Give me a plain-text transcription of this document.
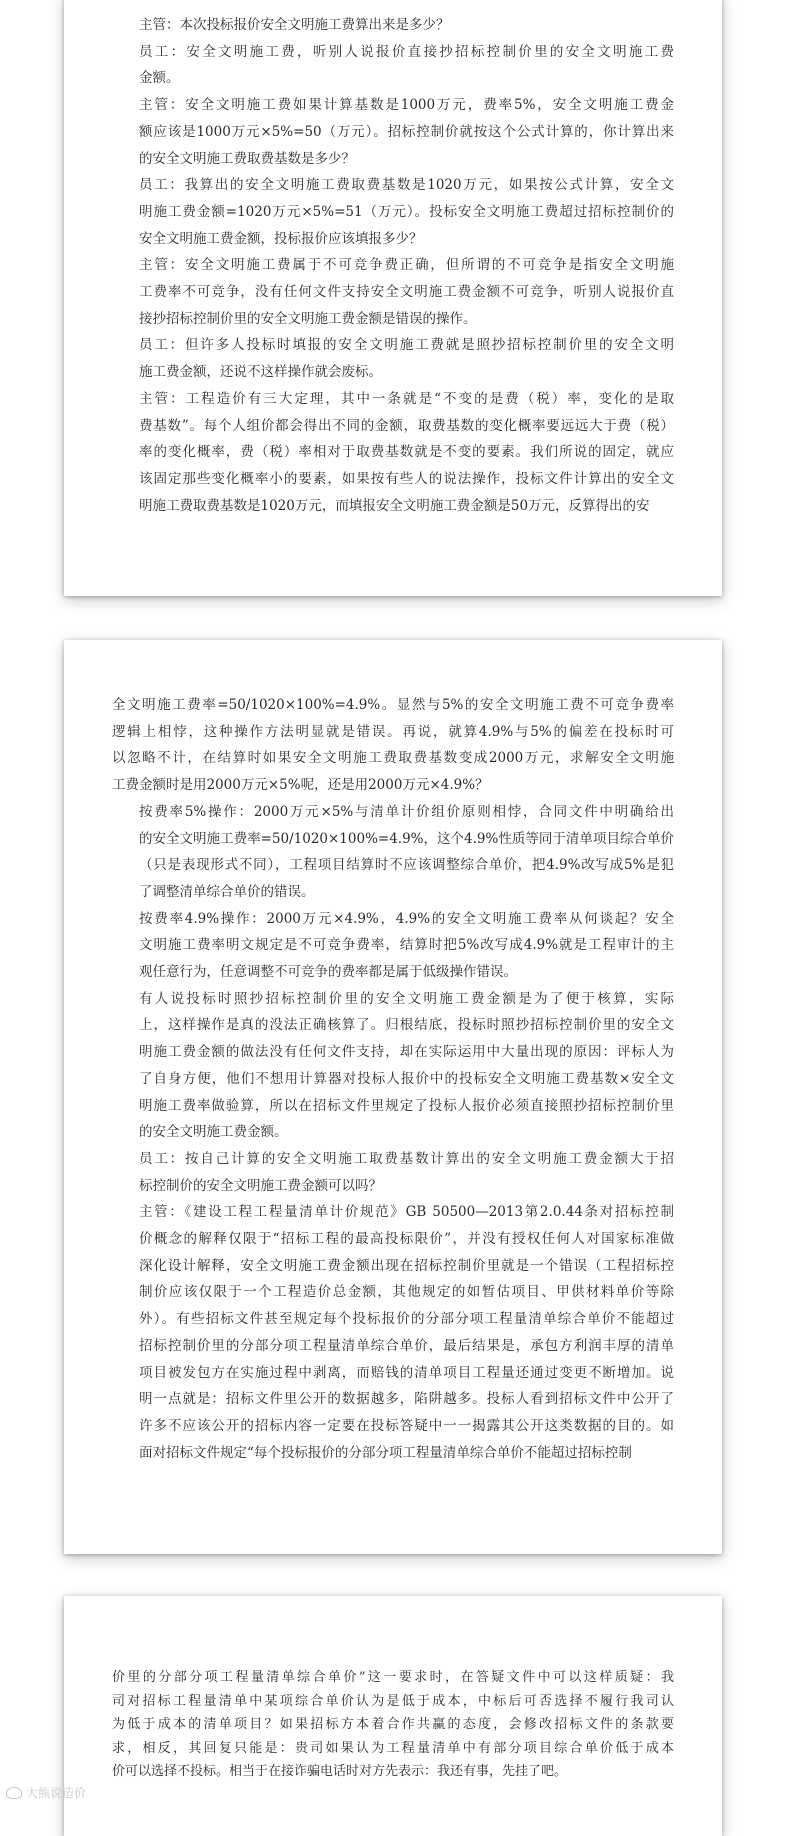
主管：本次投标报价安全文明施工费算出来是多少？

员工：安全文明施工费，听别人说报价直接抄招标控制价里的安全文明施工费
金额。

主管：安全文明施工费如果计算基数是1000万元，费率5%，安全文明施工费金
额应该是1000万元×5%=50（万元）。招标控制价就按这个公式计算的，你计算出来
的安全文明施工费取费基数是多少？

员工：我算出的安全文明施工费取费基数是1020万元，如果按公式计算，安全文
明施工费金额=1020万元×5%=51（万元）。投标安全文明施工费超过招标控制价的
安全文明施工费金额，投标报价应该填报多少？

主管：安全文明施工费属于不可竞争费正确，但所谓的不可竞争是指安全文明施
工费率不可竞争，没有任何文件支持安全文明施工费金额不可竞争，听别人说报价直
接抄招标控制价里的安全文明施工费金额是错误的操作。

员工：但许多人投标时填报的安全文明施工费就是照抄招标控制价里的安全文明
施工费金额，还说不这样操作就会废标。

主管：工程造价有三大定理，其中一条就是“不变的是费（税）率，变化的是取
费基数”。每个人组价都会得出不同的金额，取费基数的变化概率要远远大于费（税）
率的变化概率，费（税）率相对于取费基数就是不变的要素。我们所说的固定，就应
该固定那些变化概率小的要素，如果按有些人的说法操作，投标文件计算出的安全文
明施工费取费基数是1020万元，而填报安全文明施工费金额是50万元，反算得出的安

全文明施工费率=50/1020×100%=4.9%。显然与5%的安全文明施工费不可竞争费率
逻辑上相悖，这种操作方法明显就是错误。再说，就算4.9%与5%的偏差在投标时可
以忽略不计，在结算时如果安全文明施工费取费基数变成2000万元，求解安全文明施
工费金额时是用2000万元×5%呢，还是用2000万元×4.9%？

按费率5%操作：2000万元×5%与清单计价组价原则相悖，合同文件中明确给出
的安全文明施工费率=50/1020×100%=4.9%，这个4.9%性质等同于清单项目综合单价
（只是表现形式不同），工程项目结算时不应该调整综合单价，把4.9%改写成5%是犯
了调整清单综合单价的错误。

按费率4.9%操作：2000万元×4.9%，4.9%的安全文明施工费率从何谈起？安全
文明施工费率明文规定是不可竞争费率，结算时把5%改写成4.9%就是工程审计的主
观任意行为，任意调整不可竞争的费率都是属于低级操作错误。

有人说投标时照抄招标控制价里的安全文明施工费金额是为了便于核算，实际
上，这样操作是真的没法正确核算了。归根结底，投标时照抄招标控制价里的安全文
明施工费金额的做法没有任何文件支持，却在实际运用中大量出现的原因：评标人为
了自身方便，他们不想用计算器对投标人报价中的投标安全文明施工费基数×安全文
明施工费率做验算，所以在招标文件里规定了投标人报价必须直接照抄招标控制价里
的安全文明施工费金额。

员工：按自己计算的安全文明施工取费基数计算出的安全文明施工费金额大于招
标控制价的安全文明施工费金额可以吗？

主管：《建设工程工程量清单计价规范》GB 50500—2013第2.0.44条对招标控制
价概念的解释仅限于“招标工程的最高投标限价”，并没有授权任何人对国家标准做
深化设计解释，安全文明施工费金额出现在招标控制价里就是一个错误（工程招标控
制价应该仅限于一个工程造价总金额，其他规定的如暂估项目、甲供材料单价等除
外）。有些招标文件甚至规定每个投标报价的分部分项工程量清单综合单价不能超过
招标控制价里的分部分项工程量清单综合单价，最后结果是，承包方利润丰厚的清单
项目被发包方在实施过程中剥离，而赔钱的清单项目工程量还通过变更不断增加。说
明一点就是：招标文件里公开的数据越多，陷阱越多。投标人看到招标文件中公开了
许多不应该公开的招标内容一定要在投标答疑中一一揭露其公开这类数据的目的。如
面对招标文件规定“每个投标报价的分部分项工程量清单综合单价不能超过招标控制

价里的分部分项工程量清单综合单价”这一要求时，在答疑文件中可以这样质疑：我
司对招标工程量清单中某项综合单价认为是低于成本，中标后可否选择不履行我司认
为低于成本的清单项目？如果招标方本着合作共赢的态度，会修改招标文件的条款要
求，相反，其回复只能是：贵司如果认为工程量清单中有部分项目综合单价低于成本
价可以选择不投标。相当于在接诈骗电话时对方先表示：我还有事，先挂了吧。

大熊说造价
